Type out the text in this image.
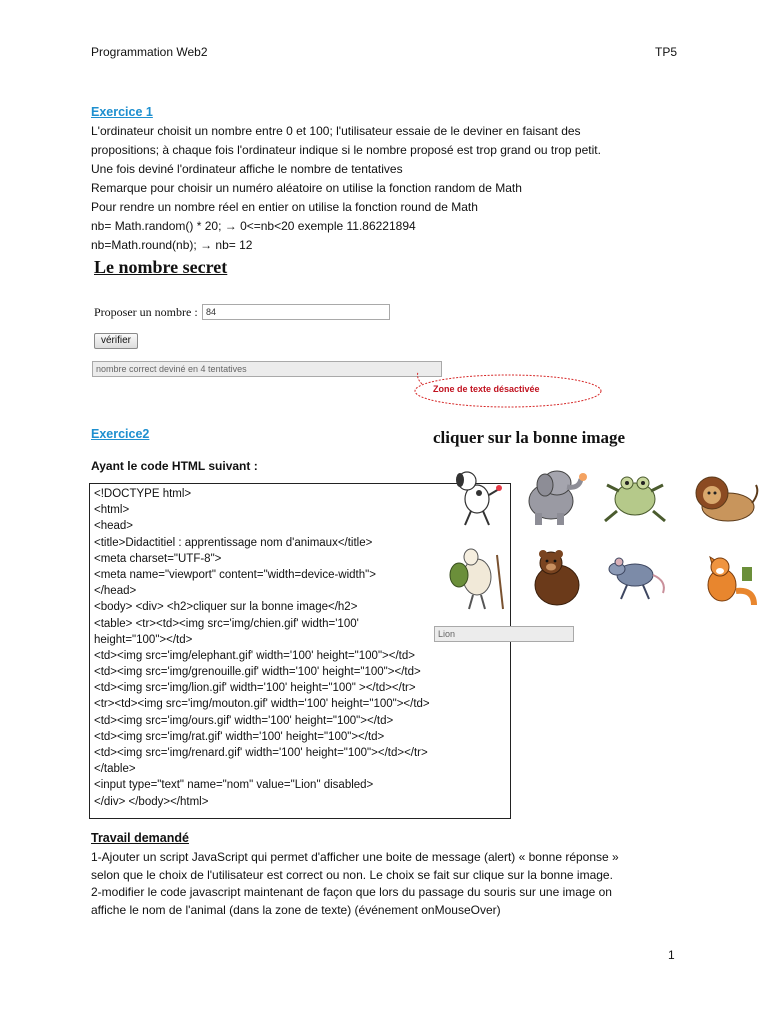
Programmation Web2	TP5
Exercice 1
L'ordinateur choisit un nombre entre 0 et 100; l'utilisateur essaie de le deviner en faisant des
propositions; à chaque fois l'ordinateur indique si le nombre proposé est trop grand ou trop petit.
Une fois deviné l'ordinateur affiche le nombre de tentatives
Remarque pour choisir un numéro aléatoire on utilise la fonction random de Math
Pour rendre un nombre réel en entier on utilise la fonction round de Math
nb= Math.random() * 20; → 0<=nb<20 exemple 11.86221894
nb=Math.round(nb); → nb= 12
Le nombre secret
Proposer un nombre : 84
vérifier
nombre correct deviné en 4 tentatives
Zone de texte désactivée
Exercice2
Ayant le code HTML suivant :
<!DOCTYPE html>
<html>
<head>
<title>Didactitiel : apprentissage nom d'animaux</title>
<meta charset="UTF-8">
<meta name="viewport" content="width=device-width">
</head>
<body> <div> <h2>cliquer sur la bonne image</h2>
<table> <tr><td><img src='img/chien.gif' width='100'
height="100"></td>
<td><img src='img/elephant.gif' width='100' height="100"></td>
<td><img src='img/grenouille.gif' width='100' height="100"></td>
<td><img src='img/lion.gif' width='100' height="100" ></td></tr>
<tr><td><img src='img/mouton.gif' width='100' height="100"></td>
<td><img src='img/ours.gif' width='100' height="100"></td>
<td><img src='img/rat.gif' width='100' height="100"></td>
<td><img src='img/renard.gif' width='100' height="100"></td></tr>
</table>
<input type="text" name="nom" value="Lion" disabled>
</div> </body></html>
cliquer sur la bonne image
Lion
Travail demandé
1-Ajouter un script JavaScript qui permet d'afficher une boite de message (alert) « bonne réponse »
selon que le choix de l'utilisateur est correct ou non. Le choix se fait sur clique sur la bonne image.
2-modifier le code javascript maintenant de façon que lors du passage du souris sur une image on
affiche le nom de l'animal (dans la zone de texte) (événement onMouseOver)
1
